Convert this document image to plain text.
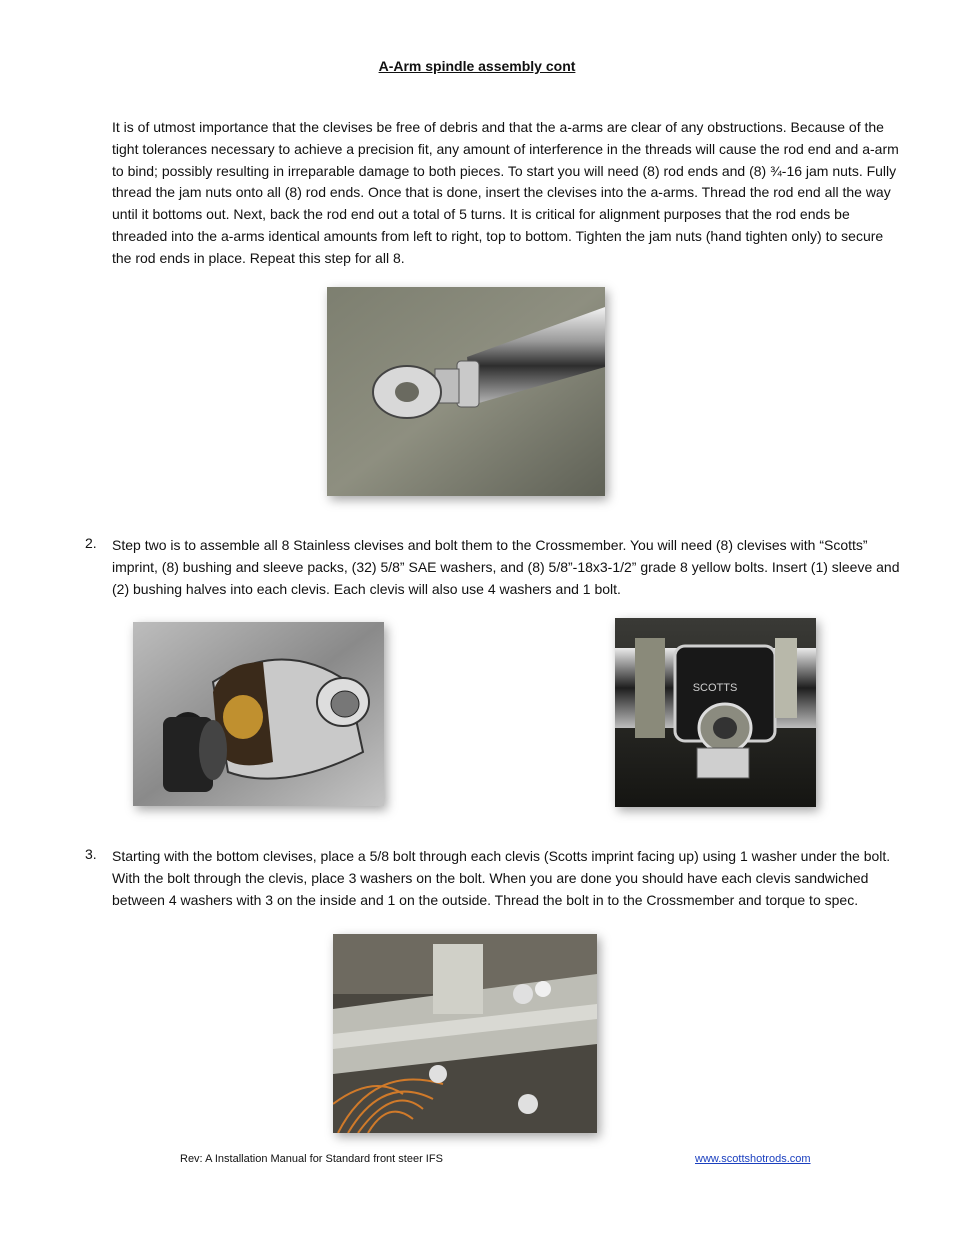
A-Arm spindle assembly cont
It is of utmost importance that the clevises be free of debris and that the a-arms are clear of any obstructions. Because of the tight tolerances necessary to achieve a precision fit, any amount of interference in the threads will cause the rod end and a-arm to bind; possibly resulting in irreparable damage to both pieces. To start you will need (8) rod ends and (8) ¾-16 jam nuts. Fully thread the jam nuts onto all (8) rod ends. Once that is done, insert the clevises into the a-arms. Thread the rod end all the way until it bottoms out. Next, back the rod end out a total of 5 turns. It is critical for alignment purposes that the rod ends be threaded into the a-arms identical amounts from left to right, top to bottom. Tighten the jam nuts (hand tighten only) to secure the rod ends in place. Repeat this step for all 8.
2. Step two is to assemble all 8 Stainless clevises and bolt them to the Crossmember. You will need (8) clevises with “Scotts” imprint, (8) bushing and sleeve packs, (32) 5/8” SAE washers, and (8) 5/8”-18x3-1/2” grade 8 yellow bolts. Insert (1) sleeve and (2) bushing halves into each clevis. Each clevis will also use 4 washers and 1 bolt.
SCOTTS
3. Starting with the bottom clevises, place a 5/8 bolt through each clevis (Scotts imprint facing up) using 1 washer under the bolt. With the bolt through the clevis, place 3 washers on the bolt. When you are done you should have each clevis sandwiched between 4 washers with 3 on the inside and 1 on the outside. Thread the bolt in to the Crossmember and torque to spec.
Rev: A Installation Manual for Standard front steer IFS	www.scottshotrods.com
